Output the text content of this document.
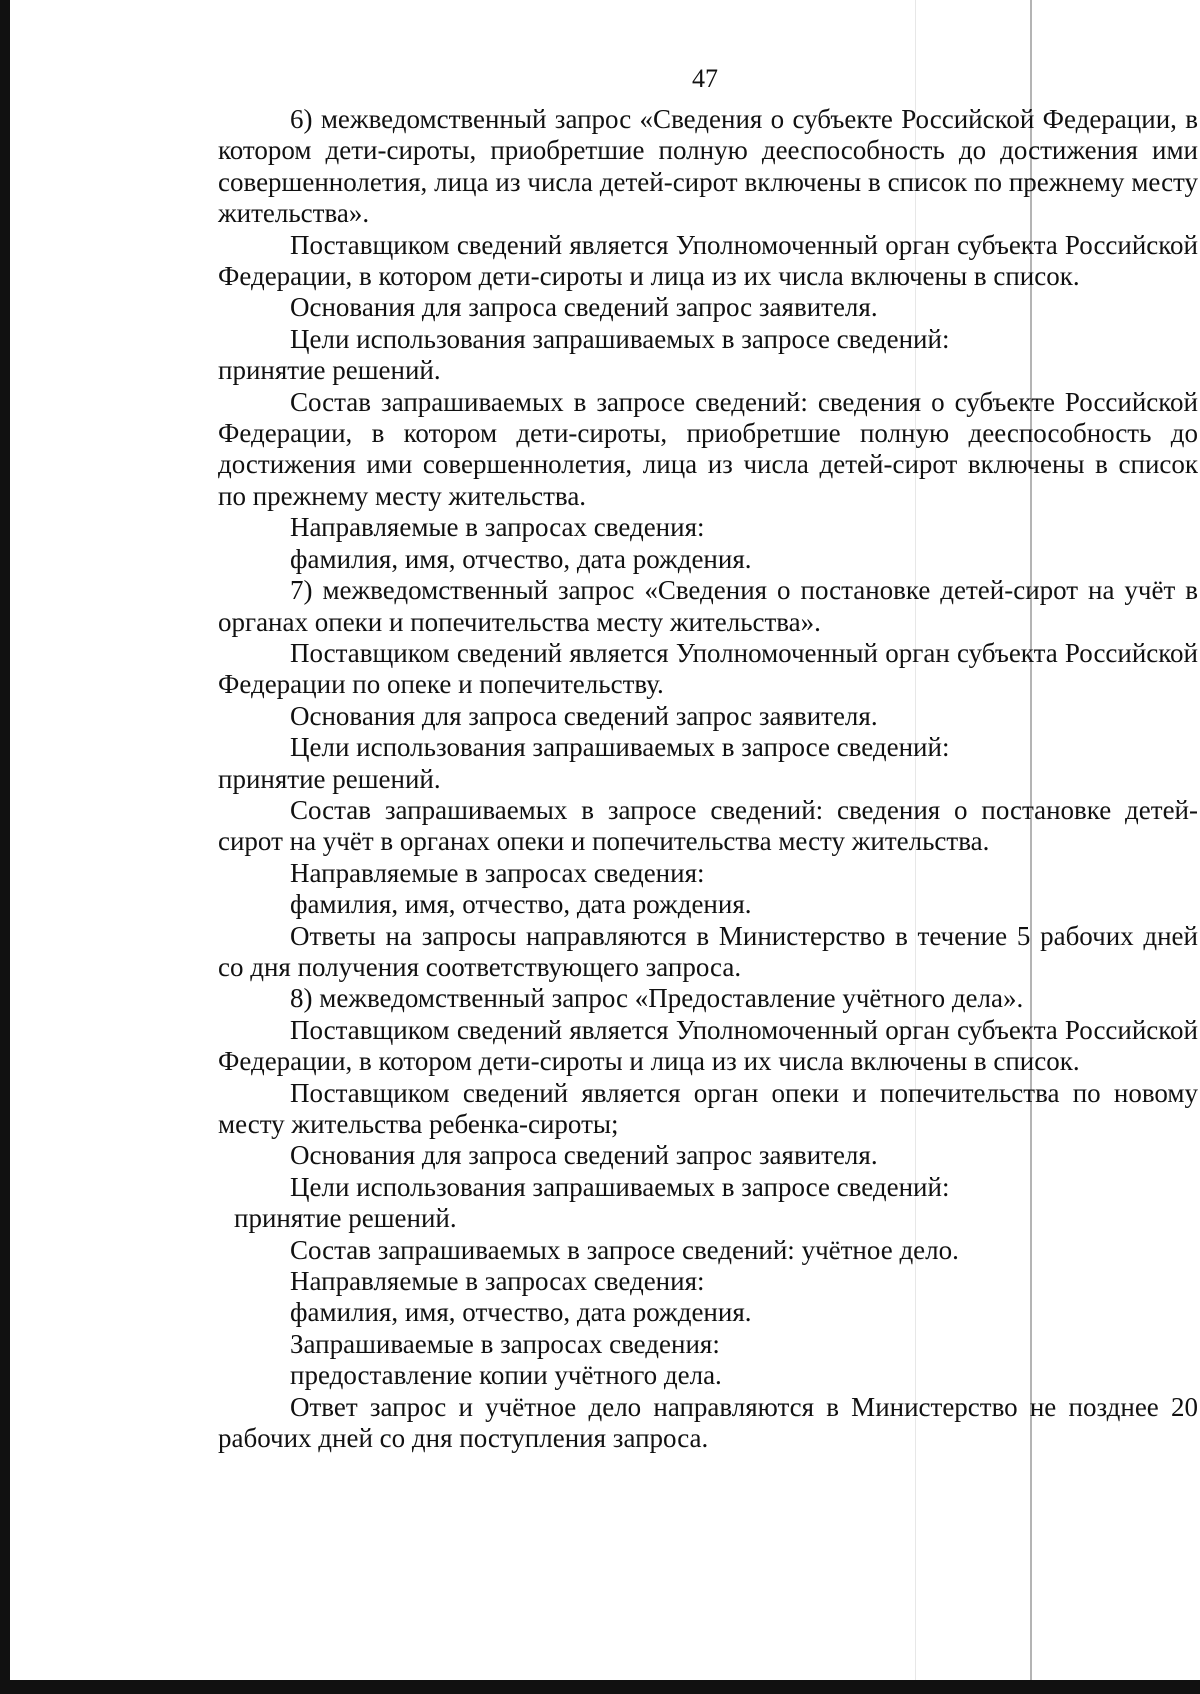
47

6) межведомственный запрос «Сведения о субъекте Российской Федерации, в котором дети-сироты, приобретшие полную дееспособность до достижения ими совершеннолетия, лица из числа детей-сирот включены в список по прежнему месту жительства».

Поставщиком сведений является Уполномоченный орган субъекта Российской Федерации, в котором дети-сироты и лица из их числа включены в список.

Основания для запроса сведений запрос заявителя.

Цели использования запрашиваемых в запросе сведений:

принятие решений.

Состав запрашиваемых в запросе сведений: сведения о субъекте Российской Федерации, в котором дети-сироты, приобретшие полную дееспособность до достижения ими совершеннолетия, лица из числа детей-сирот включены в список по прежнему месту жительства.

Направляемые в запросах сведения:

фамилия, имя, отчество, дата рождения.

7) межведомственный запрос «Сведения о постановке детей-сирот на учёт в органах опеки и попечительства месту жительства».

Поставщиком сведений является Уполномоченный орган субъекта Российской Федерации по опеке и попечительству.

Основания для запроса сведений запрос заявителя.

Цели использования запрашиваемых в запросе сведений:

принятие решений.

Состав запрашиваемых в запросе сведений: сведения о постановке детей-сирот на учёт в органах опеки и попечительства месту жительства.

Направляемые в запросах сведения:

фамилия, имя, отчество, дата рождения.

Ответы на запросы направляются в Министерство в течение 5 рабочих дней со дня получения соответствующего запроса.

8) межведомственный запрос «Предоставление учётного дела».

Поставщиком сведений является Уполномоченный орган субъекта Российской Федерации, в котором дети-сироты и лица из их числа включены в список.

Поставщиком сведений является орган опеки и попечительства по новому месту жительства ребенка-сироты;

Основания для запроса сведений запрос заявителя.

Цели использования запрашиваемых в запросе сведений:

принятие решений.

Состав запрашиваемых в запросе сведений: учётное дело.

Направляемые в запросах сведения:

фамилия, имя, отчество, дата рождения.

Запрашиваемые в запросах сведения:

предоставление копии учётного дела.

Ответ запрос и учётное дело направляются в Министерство не позднее 20 рабочих дней со дня поступления запроса.
